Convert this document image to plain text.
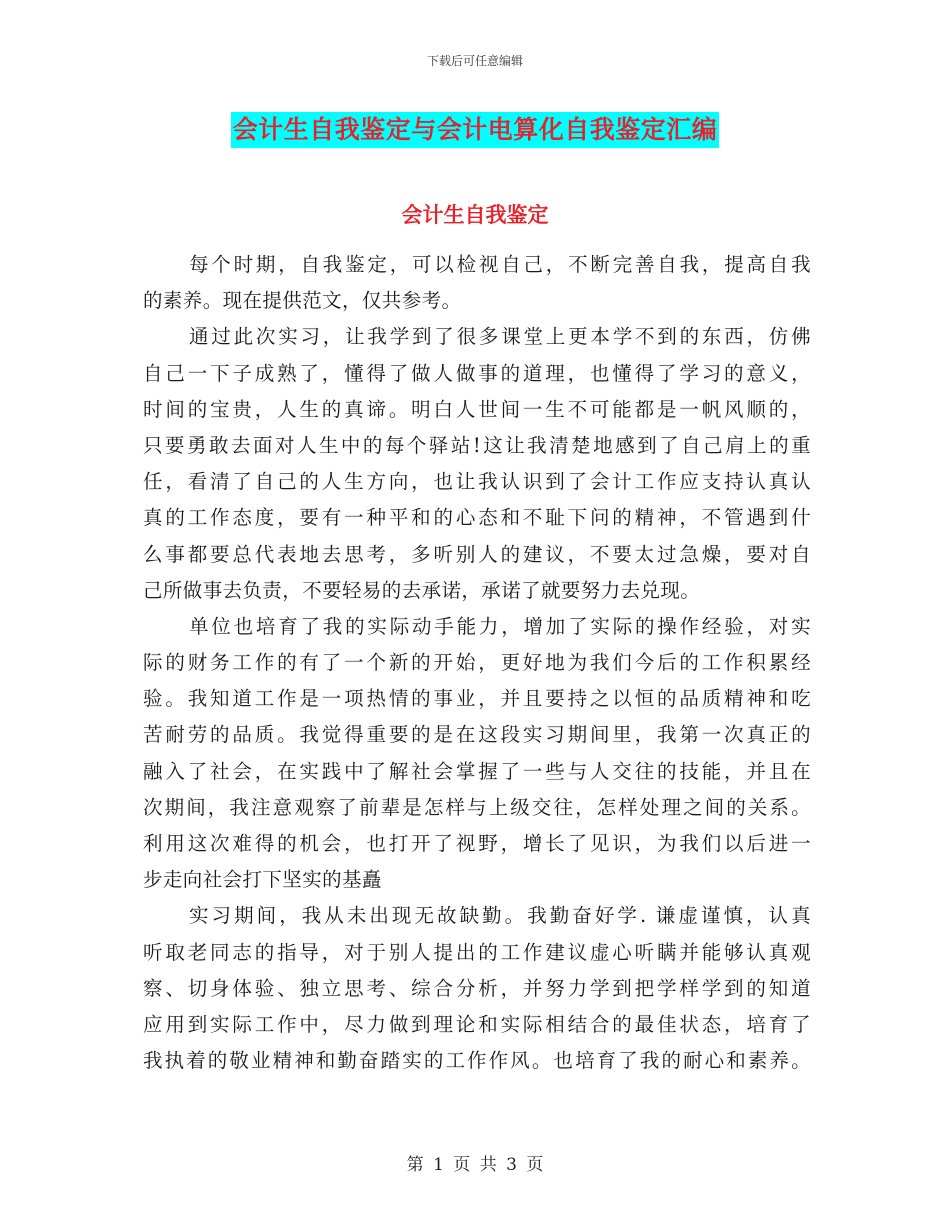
下载后可任意编辑
会计生自我鉴定与会计电算化自我鉴定汇编
会计生自我鉴定
每个时期，自我鉴定，可以检视自己，不断完善自我，提高自我
的素养。现在提供范文，仅共参考。
通过此次实习，让我学到了很多课堂上更本学不到的东西，仿佛
自己一下子成熟了，懂得了做人做事的道理，也懂得了学习的意义，
时间的宝贵，人生的真谛。明白人世间一生不可能都是一帆风顺的，
只要勇敢去面对人生中的每个驿站!这让我清楚地感到了自己肩上的重
任，看清了自己的人生方向，也让我认识到了会计工作应支持认真认
真的工作态度，要有一种平和的心态和不耻下问的精神，不管遇到什
么事都要总代表地去思考，多听别人的建议，不要太过急燥，要对自
己所做事去负责，不要轻易的去承诺，承诺了就要努力去兑现。
单位也培育了我的实际动手能力，增加了实际的操作经验，对实
际的财务工作的有了一个新的开始，更好地为我们今后的工作积累经
验。我知道工作是一项热情的事业，并且要持之以恒的品质精神和吃
苦耐劳的品质。我觉得重要的是在这段实习期间里，我第一次真正的
融入了社会，在实践中了解社会掌握了一些与人交往的技能，并且在
次期间，我注意观察了前辈是怎样与上级交往，怎样处理之间的关系。
利用这次难得的机会，也打开了视野，增长了见识，为我们以后进一
步走向社会打下坚实的基矗
实习期间，我从未出现无故缺勤。我勤奋好学. 谦虚谨慎，认真
听取老同志的指导，对于别人提出的工作建议虚心听瞒并能够认真观
察、切身体验、独立思考、综合分析，并努力学到把学样学到的知道
应用到实际工作中，尽力做到理论和实际相结合的最佳状态，培育了
我执着的敬业精神和勤奋踏实的工作作风。也培育了我的耐心和素养。
第 1 页 共 3 页
